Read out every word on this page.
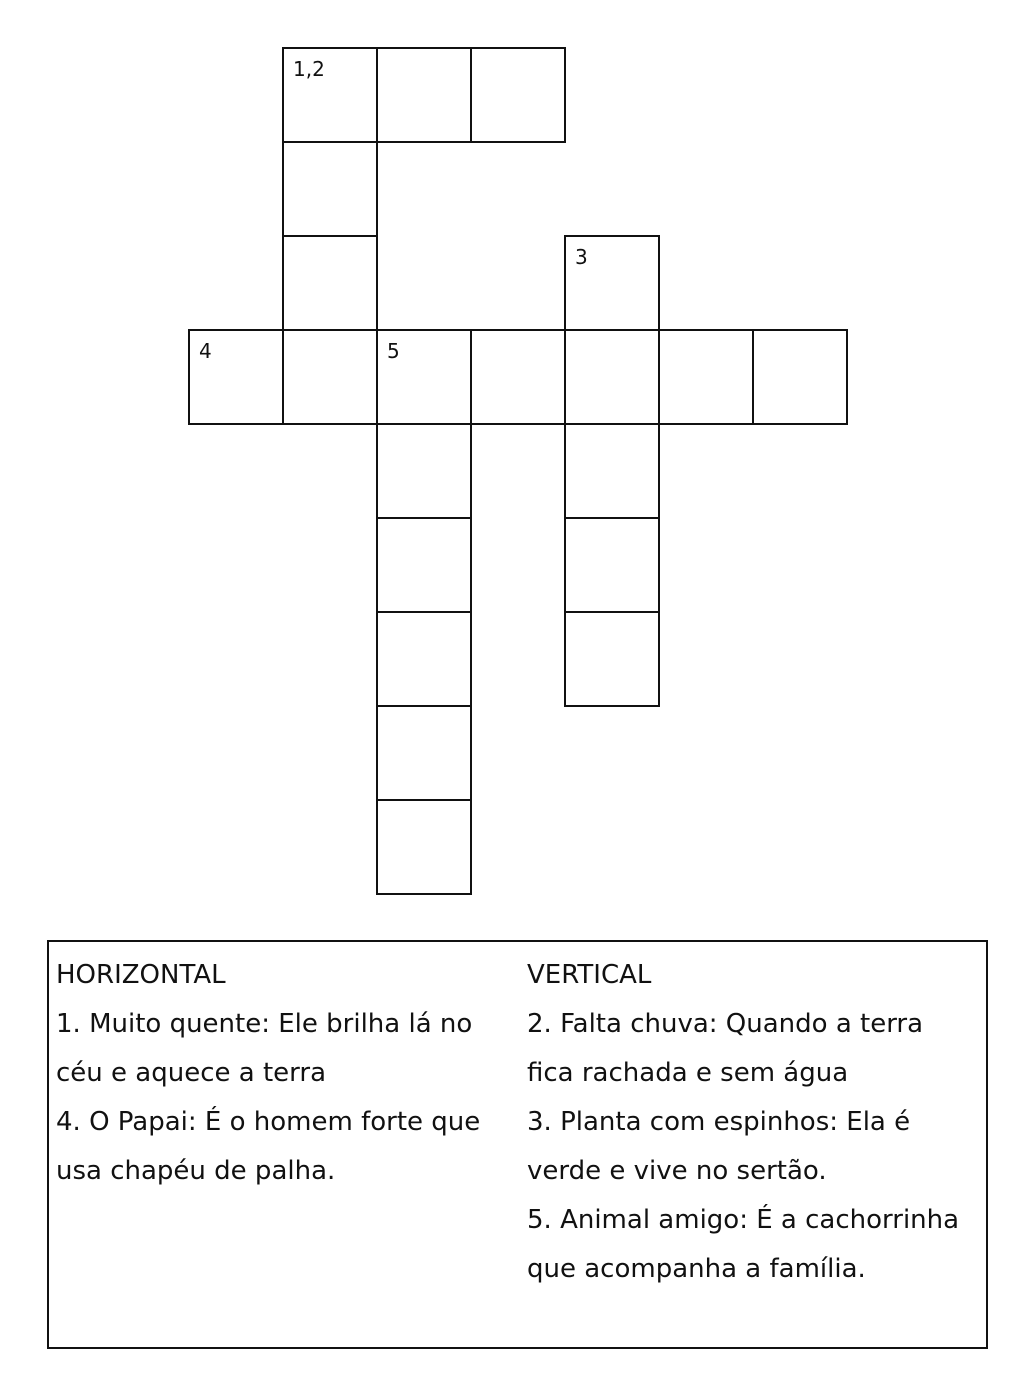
1,2
3
4	5

HORIZONTAL

1. Muito quente: Ele brilha lá no céu e aquece a terra

4. O Papai: É o homem forte que usa chapéu de palha.

VERTICAL

2. Falta chuva: Quando a terra fica rachada e sem água

3. Planta com espinhos: Ela é verde e vive no sertão.

5. Animal amigo: É a cachorrinha que acompanha a família.
